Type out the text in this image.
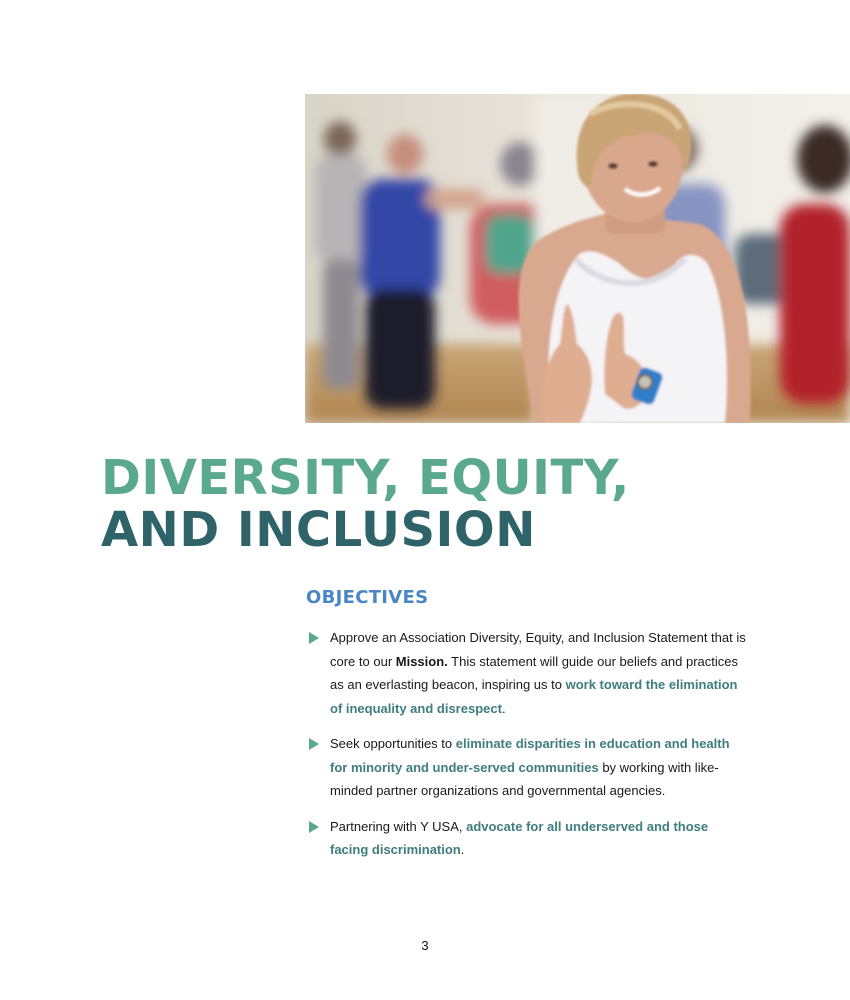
DIVERSITY, EQUITY,
AND INCLUSION
OBJECTIVES
Approve an Association Diversity, Equity, and Inclusion Statement that is core to our Mission. This statement will guide our beliefs and practices as an everlasting beacon, inspiring us to work toward the elimination of inequality and disrespect.
Seek opportunities to eliminate disparities in education and health for minority and under-served communities by working with like-minded partner organizations and governmental agencies.
Partnering with Y USA, advocate for all underserved and those facing discrimination.
3
